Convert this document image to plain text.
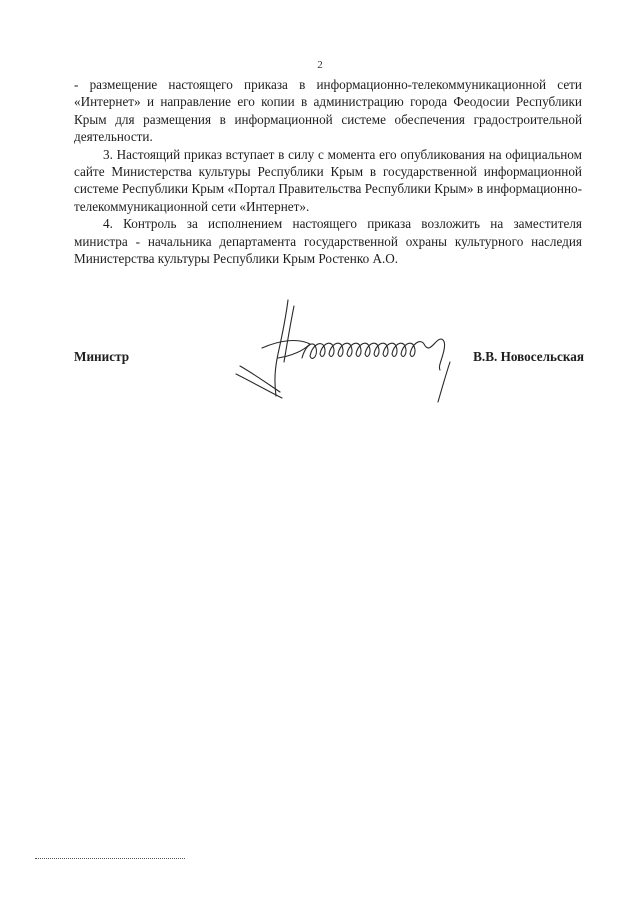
2

- размещение настоящего приказа в информационно-телекоммуникационной сети «Интернет» и направление его копии в администрацию города Феодосии Республики Крым для размещения в информационной системе обеспечения градостроительной деятельности.

3. Настоящий приказ вступает в силу с момента его опубликования на официальном сайте Министерства культуры Республики Крым в государственной информационной системе Республики Крым «Портал Правительства Республики Крым» в информационно-телекоммуникационной сети «Интернет».

4. Контроль за исполнением настоящего приказа возложить на заместителя министра - начальника департамента государственной охраны культурного наследия Министерства культуры Республики Крым Ростенко А.О.

Министр	В.В. Новосельская
